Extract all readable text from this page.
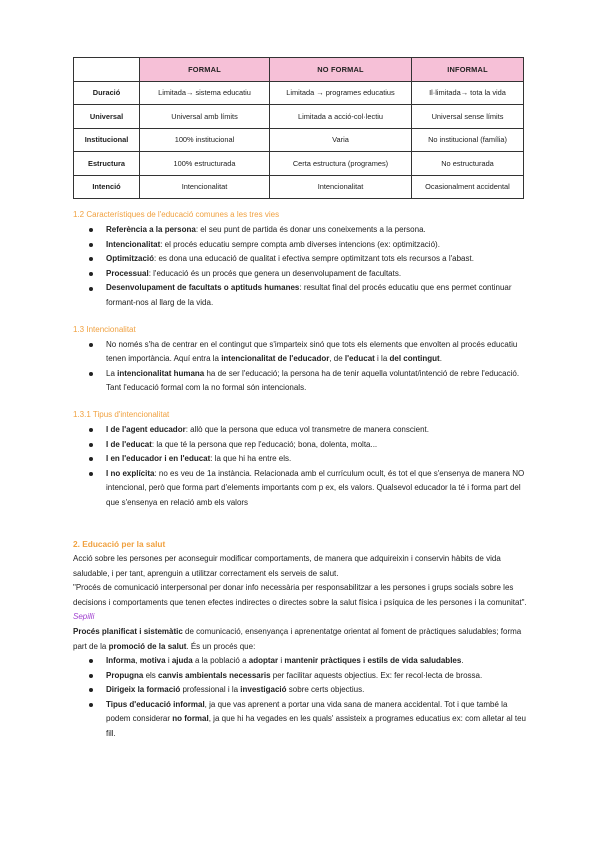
	FORMAL	NO FORMAL	INFORMAL
Duració	Limitada→ sistema educatiu	Limitada → programes educatius	Il·limitada→ tota la vida
Universal	Universal amb límits	Limitada a acció-col·lectiu	Universal sense límits
Institucional	100% institucional	Varia	No institucional (família)
Estructura	100% estructurada	Certa estructura (programes)	No estructurada
Intenció	Intencionalitat	Intencionalitat	Ocasionalment accidental
1.2 Característiques de l'educació comunes a les tres vies
Referència a la persona: el seu punt de partida és donar uns coneixements a la persona.
Intencionalitat: el procés educatiu sempre compta amb diverses intencions (ex: optimització).
Optimització: es dona una educació de qualitat i efectiva sempre optimitzant tots els recursos a l'abast.
Processual: l'educació és un procés que genera un desenvolupament de facultats.
Desenvolupament de facultats o aptituds humanes: resultat final del procés educatiu que ens permet continuar formant-nos al llarg de la vida.
1.3 Intencionalitat
No només s'ha de centrar en el contingut que s'imparteix sinó que tots els elements que envolten al procés educatiu tenen importància. Aquí entra la intencionalitat de l'educador, de l'educat i la del contingut.
La intencionalitat humana ha de ser l'educació; la persona ha de tenir aquella voluntat/intenció de rebre l'educació. Tant l'educació formal com la no formal són intencionals.
1.3.1 Tipus d'intencionalitat
I de l'agent educador: allò que la persona que educa vol transmetre de manera conscient.
I de l'educat: la que té la persona que rep l'educació; bona, dolenta, molta...
I en l'educador i en l'educat: la que hi ha entre els.
I no explícita: no es veu de 1a instància. Relacionada amb el currículum ocult, és tot el que s'ensenya de manera NO intencional, però que forma part d'elements importants com p ex, els valors. Qualsevol educador la té i forma part del que s'ensenya en relació amb els valors
2. Educació per la salut

Acció sobre les persones per aconseguir modificar comportaments, de manera que adquireixin i conservin hàbits de vida saludable, i per tant, aprenguin a utilitzar correctament els serveis de salut.

"Procés de comunicació interpersonal per donar info necessària per responsabilitzar a les persones i grups socials sobre les decisions i comportaments que tenen efectes indirectes o directes sobre la salut física i psíquica de les persones i la comunitat". Sepilli

Procés planificat i sistemàtic de comunicació, ensenyança i aprenentatge orientat al foment de pràctiques saludables; forma part de la promoció de la salut. És un procés que:

Informa, motiva i ajuda a la població a adoptar i mantenir pràctiques i estils de vida saludables.
Propugna els canvis ambientals necessaris per facilitar aquests objectius. Ex: fer recol·lecta de brossa.
Dirigeix la formació professional i la investigació sobre certs objectius.
Tipus d'educació informal, ja que vas aprenent a portar una vida sana de manera accidental. Tot i que també la podem considerar no formal, ja que hi ha vegades en les quals' assisteix a programes educatius ex: com alletar al teu fill.
